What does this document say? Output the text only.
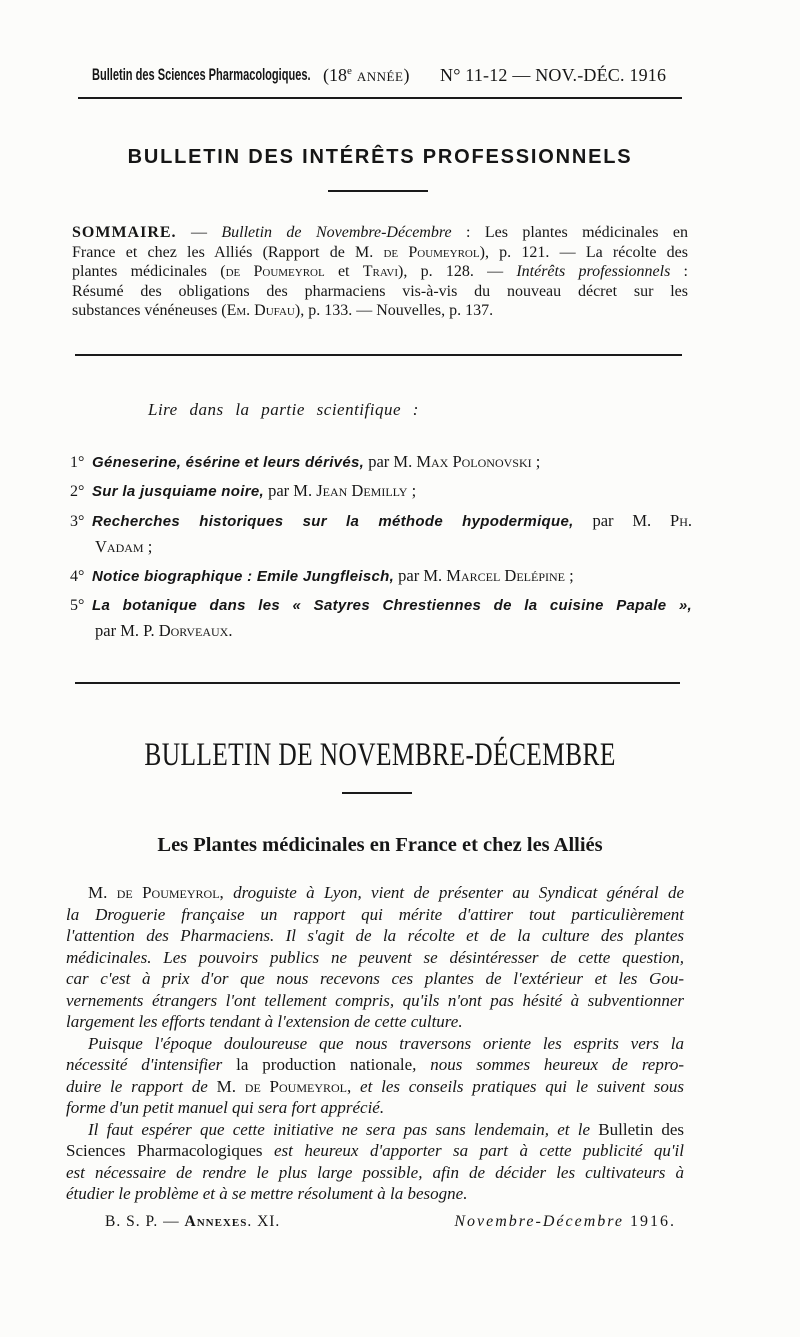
Bulletin des Sciences Pharmacologiques. (18e année) N° 11-12 — NOV.-DÉC. 1916
BULLETIN DES INTÉRÊTS PROFESSIONNELS
SOMMAIRE. — Bulletin de Novembre-Décembre : Les plantes médicinales en
France et chez les Alliés (Rapport de M. de Poumeyrol), p. 121. — La récolte des
plantes médicinales (de Poumeyrol et Travi), p. 128. — Intérêts professionnels :
Résumé des obligations des pharmaciens vis-à-vis du nouveau décret sur les
substances vénéneuses (Em. Dufau), p. 133. — Nouvelles, p. 137.
Lire dans la partie scientifique :
1° Géneserine, ésérine et leurs dérivés, par M. Max Polonovski ;
2° Sur la jusquiame noire, par M. Jean Demilly ;
3° Recherches historiques sur la méthode hypodermique, par M. Ph.
Vadam ;
4° Notice biographique : Emile Jungfleisch, par M. Marcel Delépine ;
5° La botanique dans les « Satyres Chrestiennes de la cuisine Papale »,
par M. P. Dorveaux.
BULLETIN DE NOVEMBRE-DÉCEMBRE
Les Plantes médicinales en France et chez les Alliés
M. de Poumeyrol, droguiste à Lyon, vient de présenter au Syndicat général de
la Droguerie française un rapport qui mérite d'attirer tout particulièrement
l'attention des Pharmaciens. Il s'agit de la récolte et de la culture des plantes
médicinales. Les pouvoirs publics ne peuvent se désintéresser de cette question,
car c'est à prix d'or que nous recevons ces plantes de l'extérieur et les Gou-
vernements étrangers l'ont tellement compris, qu'ils n'ont pas hésité à subventionner
largement les efforts tendant à l'extension de cette culture.
Puisque l'époque douloureuse que nous traversons oriente les esprits vers la
nécessité d'intensifier la production nationale, nous sommes heureux de repro-
duire le rapport de M. de Poumeyrol, et les conseils pratiques qui le suivent sous
forme d'un petit manuel qui sera fort apprécié.
Il faut espérer que cette initiative ne sera pas sans lendemain, et le Bulletin des
Sciences Pharmacologiques est heureux d'apporter sa part à cette publicité qu'il
est nécessaire de rendre le plus large possible, afin de décider les cultivateurs à
étudier le problème et à se mettre résolument à la besogne.
B. S. P. — Annexes. XI.	Novembre-Décembre 1916.
